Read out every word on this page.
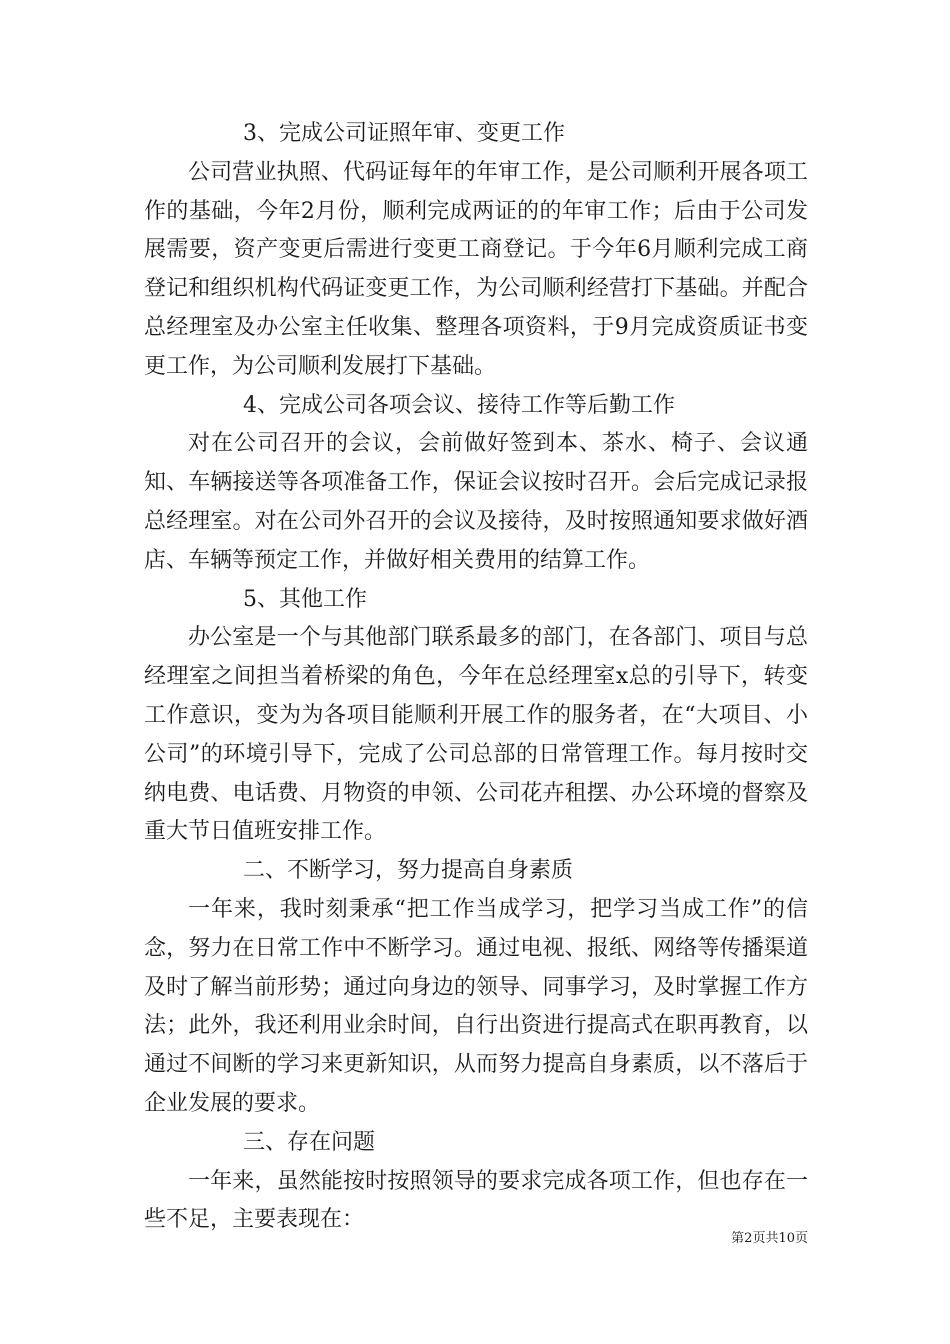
3、完成公司证照年审、变更工作

公司营业执照、代码证每年的年审工作，是公司顺利开展各项工作的基础，今年2月份，顺利完成两证的的年审工作；后由于公司发展需要，资产变更后需进行变更工商登记。于今年6月顺利完成工商登记和组织机构代码证变更工作，为公司顺利经营打下基础。并配合总经理室及办公室主任收集、整理各项资料，于9月完成资质证书变更工作，为公司顺利发展打下基础。

4、完成公司各项会议、接待工作等后勤工作

对在公司召开的会议，会前做好签到本、茶水、椅子、会议通知、车辆接送等各项准备工作，保证会议按时召开。会后完成记录报总经理室。对在公司外召开的会议及接待，及时按照通知要求做好酒店、车辆等预定工作，并做好相关费用的结算工作。

5、其他工作

办公室是一个与其他部门联系最多的部门，在各部门、项目与总经理室之间担当着桥梁的角色，今年在总经理室x总的引导下，转变工作意识，变为为各项目能顺利开展工作的服务者，在“大项目、小公司”的环境引导下，完成了公司总部的日常管理工作。每月按时交纳电费、电话费、月物资的申领、公司花卉租摆、办公环境的督察及重大节日值班安排工作。

二、不断学习，努力提高自身素质

一年来，我时刻秉承“把工作当成学习，把学习当成工作”的信念，努力在日常工作中不断学习。通过电视、报纸、网络等传播渠道及时了解当前形势；通过向身边的领导、同事学习，及时掌握工作方法；此外，我还利用业余时间，自行出资进行提高式在职再教育，以通过不间断的学习来更新知识，从而努力提高自身素质，以不落后于企业发展的要求。

三、存在问题

一年来，虽然能按时按照领导的要求完成各项工作，但也存在一些不足，主要表现在：

第2页共10页
